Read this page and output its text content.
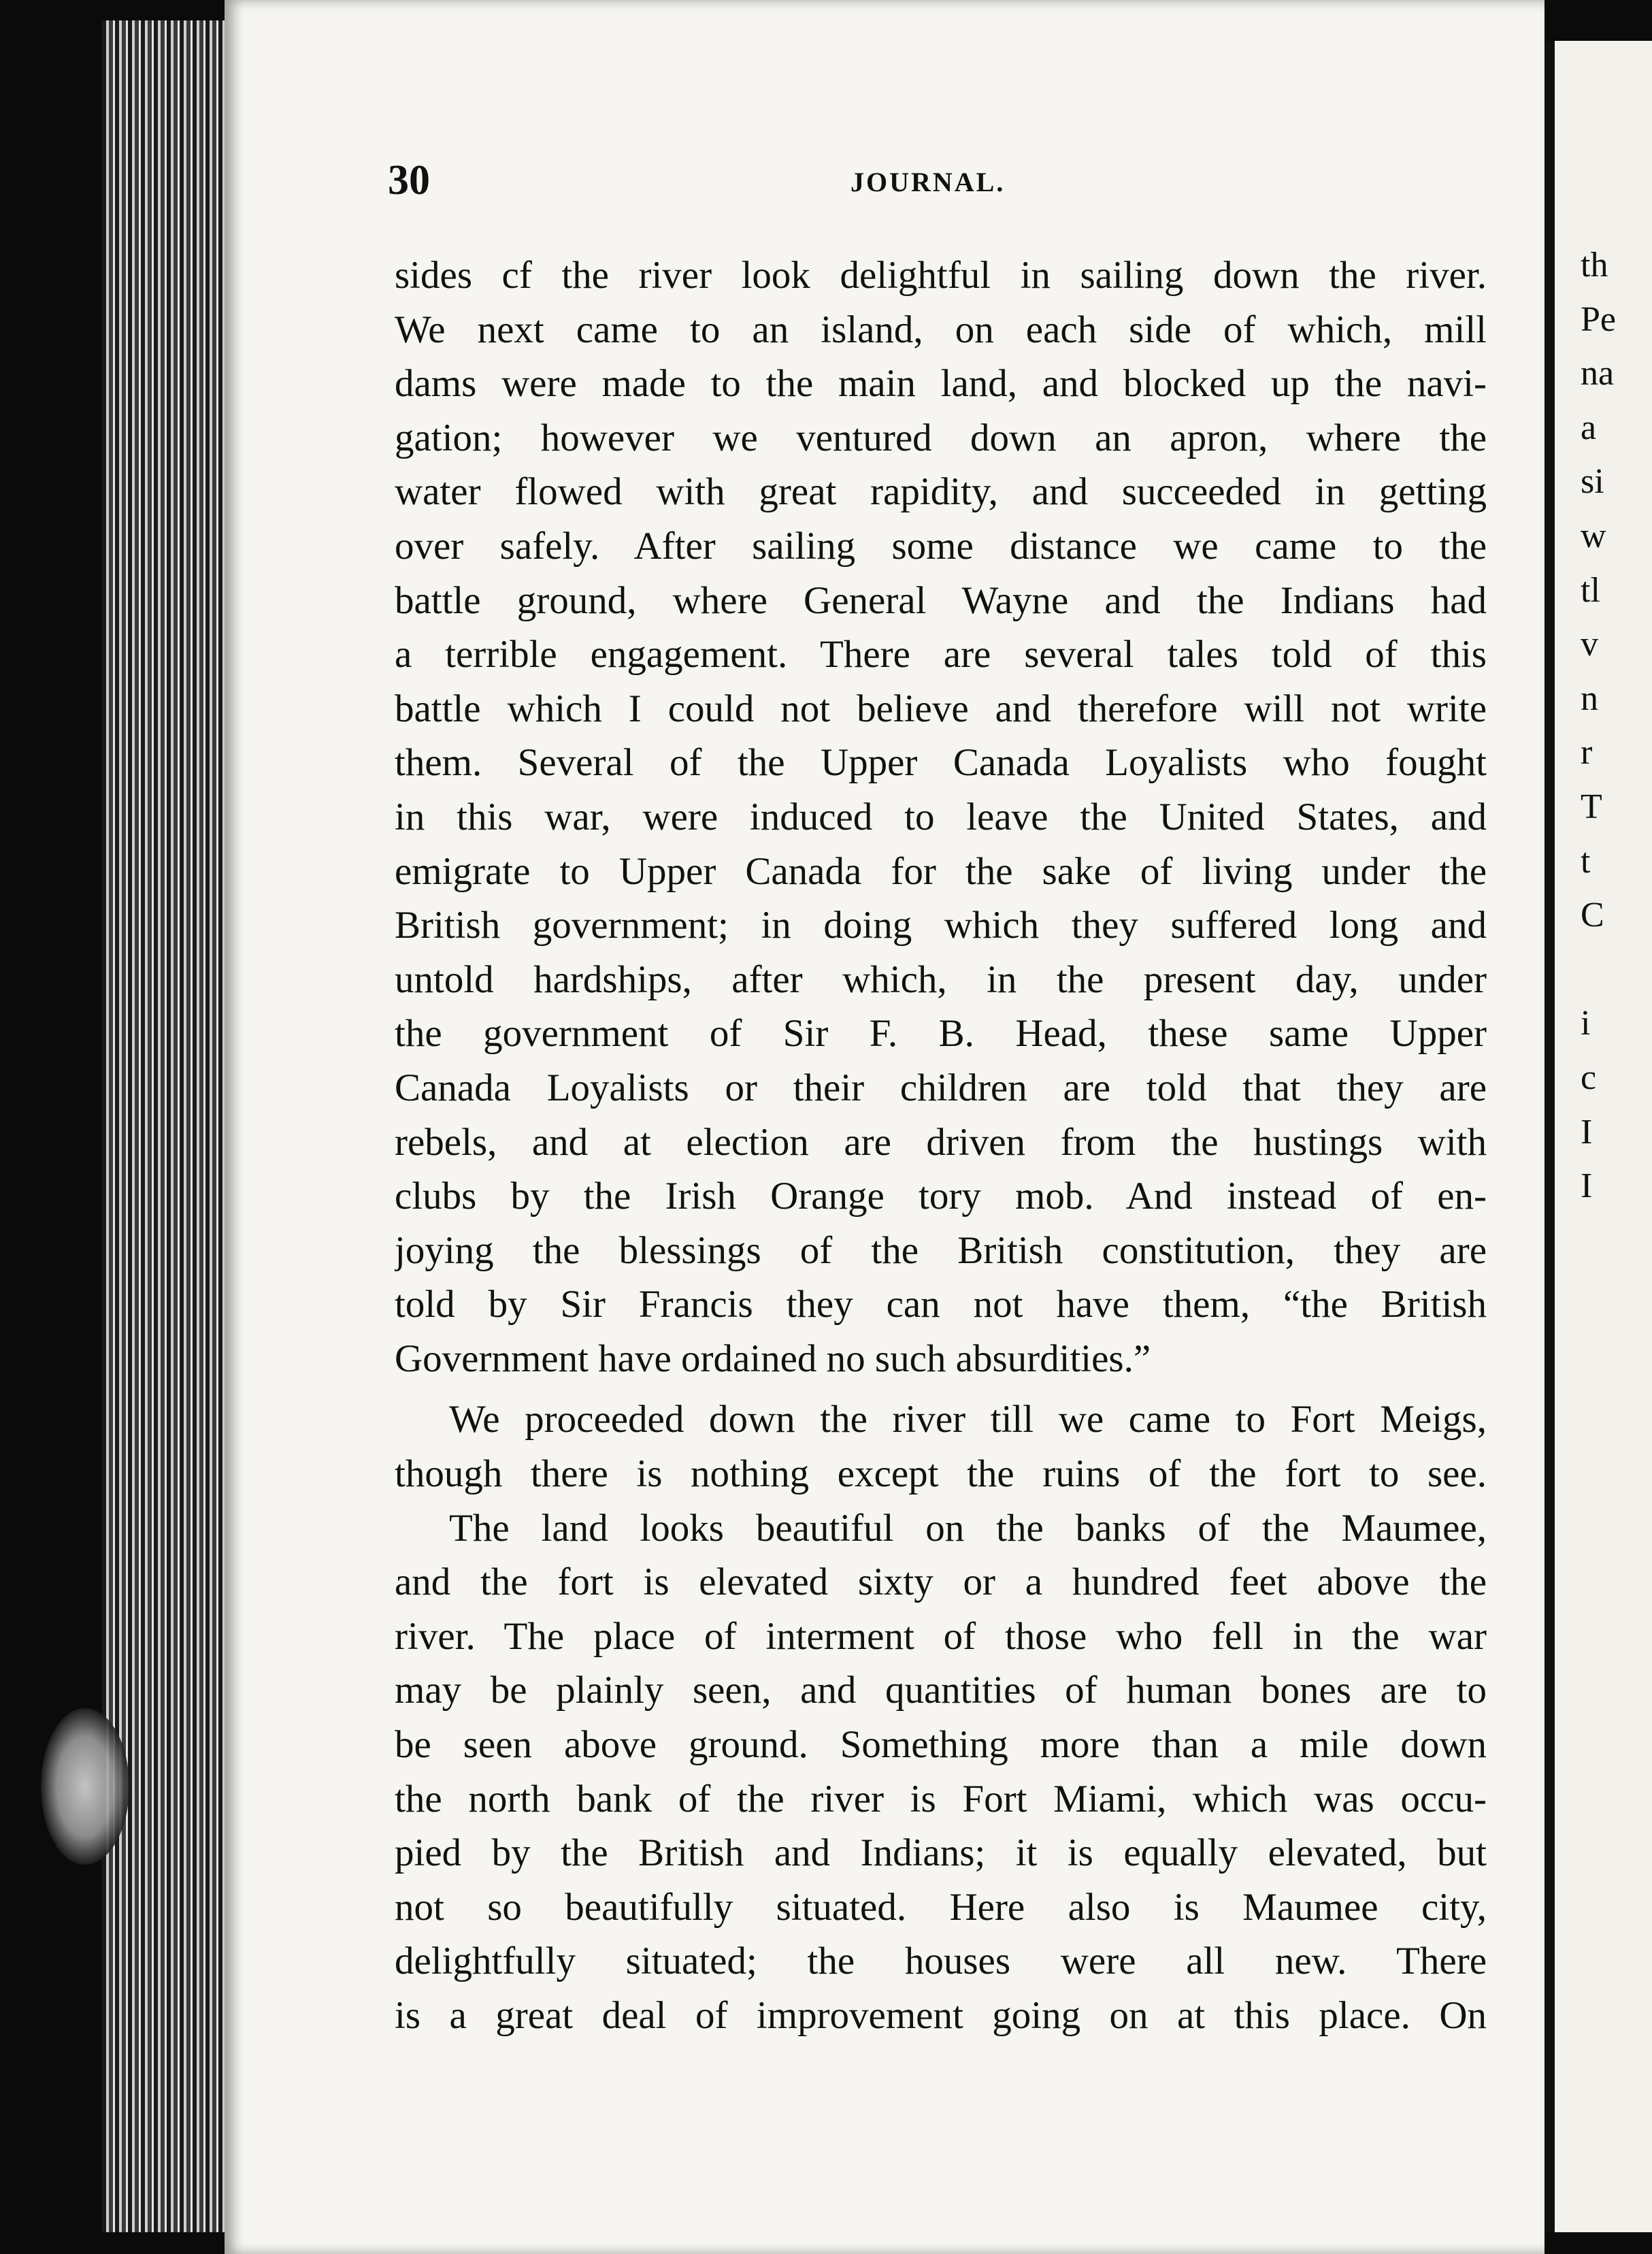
30	JOURNAL.
sides cf the river look delightful in sailing down the river.
We next came to an island, on each side of which, mill
dams were made to the main land, and blocked up the navi-
gation; however we ventured down an apron, where the
water flowed with great rapidity, and succeeded in getting
over safely. After sailing some distance we came to the
battle ground, where General Wayne and the Indians had
a terrible engagement. There are several tales told of this
battle which I could not believe and therefore will not write
them. Several of the Upper Canada Loyalists who fought
in this war, were induced to leave the United States, and
emigrate to Upper Canada for the sake of living under the
British government; in doing which they suffered long and
untold hardships, after which, in the present day, under
the government of Sir F. B. Head, these same Upper
Canada Loyalists or their children are told that they are
rebels, and at election are driven from the hustings with
clubs by the Irish Orange tory mob. And instead of en-
joying the blessings of the British constitution, they are
told by Sir Francis they can not have them, “the British
Government have ordained no such absurdities.”
We proceeded down the river till we came to Fort Meigs,
though there is nothing except the ruins of the fort to see.
The land looks beautiful on the banks of the Maumee,
and the fort is elevated sixty or a hundred feet above the
river. The place of interment of those who fell in the war
may be plainly seen, and quantities of human bones are to
be seen above ground. Something more than a mile down
the north bank of the river is Fort Miami, which was occu-
pied by the British and Indians; it is equally elevated, but
not so beautifully situated. Here also is Maumee city,
delightfully situated; the houses were all new. There
is a great deal of improvement going on at this place. On
th
Pe
na
a
si
w
tl
v
n
r
T
t
C
i
c
I
I
